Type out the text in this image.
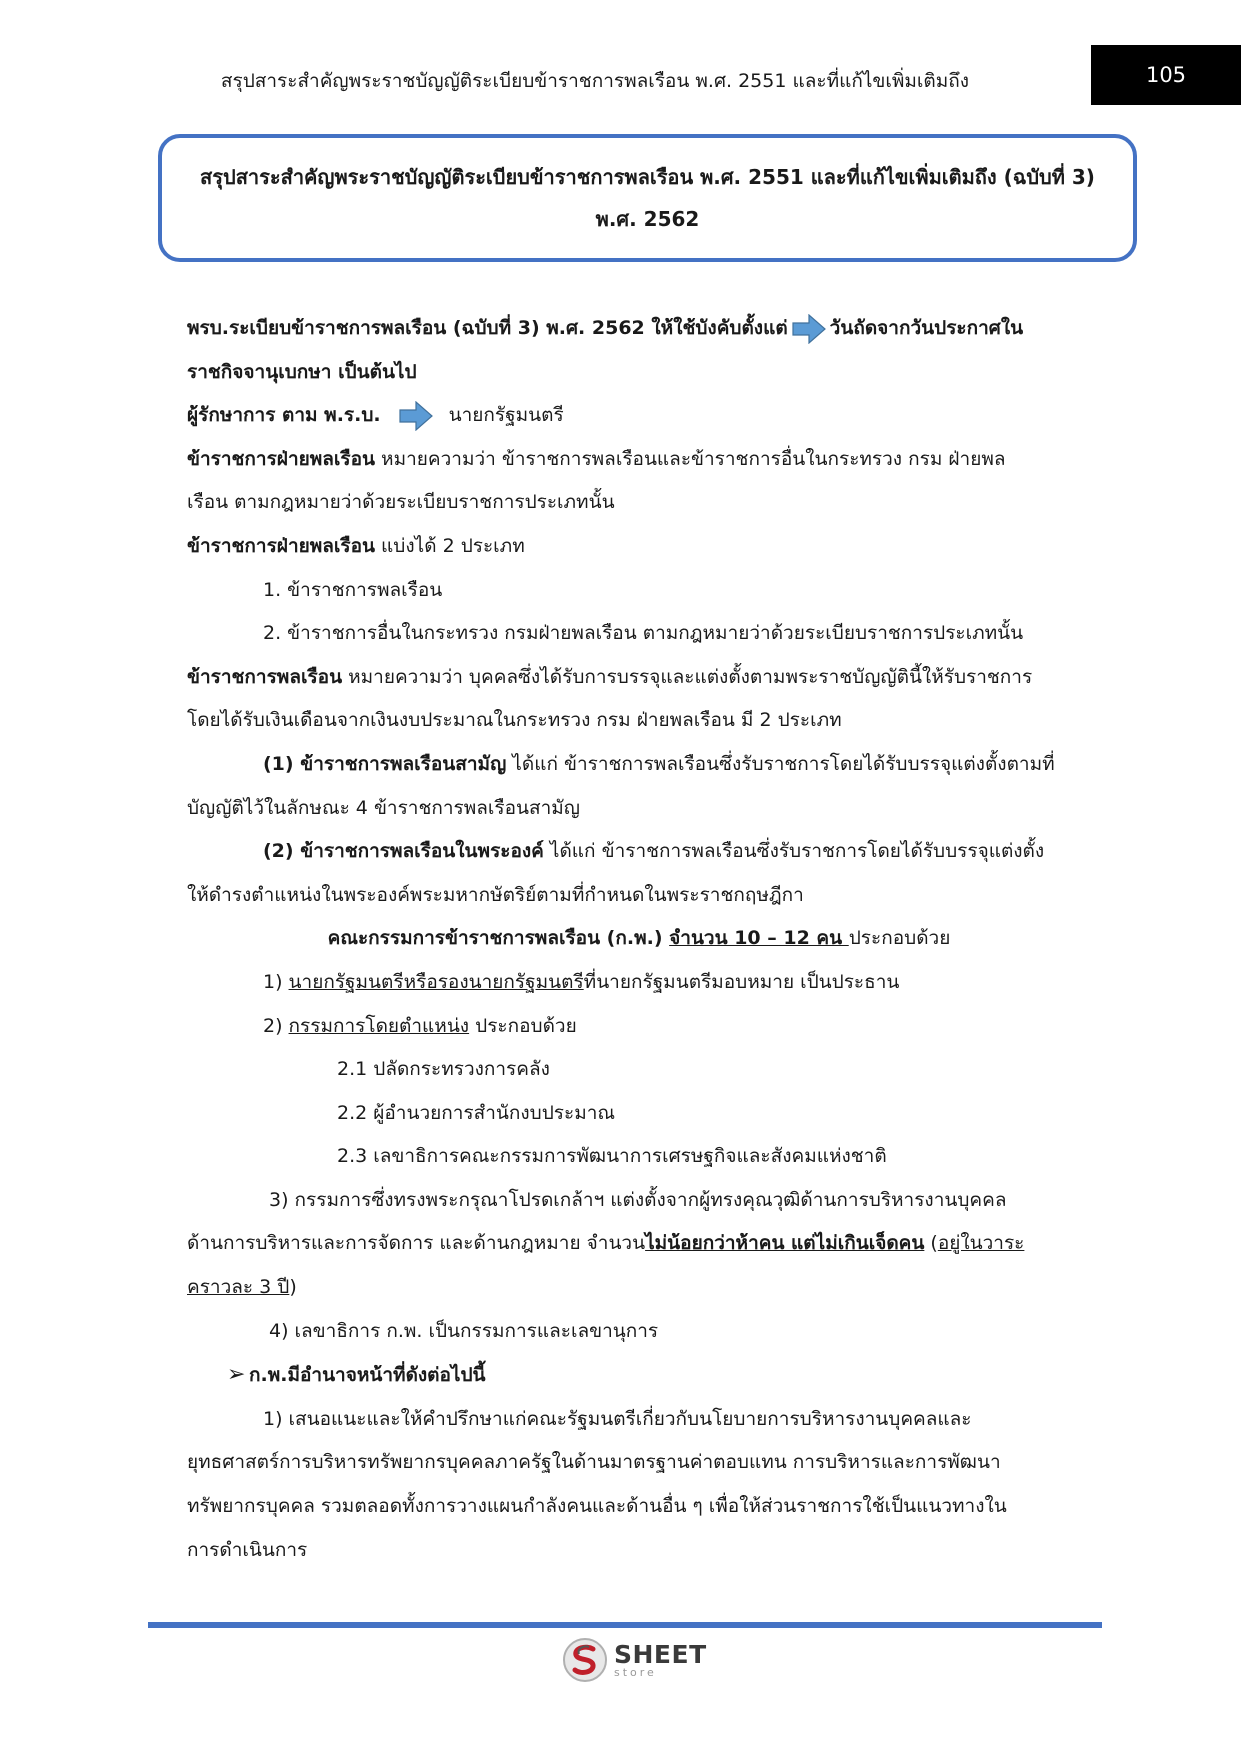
สรุปสาระสำคัญพระราชบัญญัติระเบียบข้าราชการพลเรือน พ.ศ. 2551 และที่แก้ไขเพิ่มเติมถึง	105
สรุปสาระสำคัญพระราชบัญญัติระเบียบข้าราชการพลเรือน พ.ศ. 2551 และที่แก้ไขเพิ่มเติมถึง (ฉบับที่ 3)
พ.ศ. 2562

พรบ.ระเบียบข้าราชการพลเรือน (ฉบับที่ 3) พ.ศ. 2562 ให้ใช้บังคับตั้งแต่ วันถัดจากวันประกาศใน

ราชกิจจานุเบกษา เป็นต้นไป

ผู้รักษาการ ตาม พ.ร.บ.	นายกรัฐมนตรี

ข้าราชการฝ่ายพลเรือน หมายความว่า ข้าราชการพลเรือนและข้าราชการอื่นในกระทรวง กรม ฝ่ายพล

เรือน ตามกฎหมายว่าด้วยระเบียบราชการประเภทนั้น

ข้าราชการฝ่ายพลเรือน แบ่งได้ 2 ประเภท

1. ข้าราชการพลเรือน

2. ข้าราชการอื่นในกระทรวง กรมฝ่ายพลเรือน ตามกฎหมายว่าด้วยระเบียบราชการประเภทนั้น

ข้าราชการพลเรือน หมายความว่า บุคคลซึ่งได้รับการบรรจุและแต่งตั้งตามพระราชบัญญัตินี้ให้รับราชการ

โดยได้รับเงินเดือนจากเงินงบประมาณในกระทรวง กรม ฝ่ายพลเรือน มี 2 ประเภท

(1) ข้าราชการพลเรือนสามัญ ได้แก่ ข้าราชการพลเรือนซึ่งรับราชการโดยได้รับบรรจุแต่งตั้งตามที่

บัญญัติไว้ในลักษณะ 4 ข้าราชการพลเรือนสามัญ

(2) ข้าราชการพลเรือนในพระองค์ ได้แก่ ข้าราชการพลเรือนซึ่งรับราชการโดยได้รับบรรจุแต่งตั้ง

ให้ดำรงตำแหน่งในพระองค์พระมหากษัตริย์ตามที่กำหนดในพระราชกฤษฎีกา

คณะกรรมการข้าราชการพลเรือน (ก.พ.) จำนวน 10 – 12 คน ประกอบด้วย

1) นายกรัฐมนตรีหรือรองนายกรัฐมนตรีที่นายกรัฐมนตรีมอบหมาย เป็นประธาน

2) กรรมการโดยตำแหน่ง ประกอบด้วย

2.1 ปลัดกระทรวงการคลัง

2.2 ผู้อำนวยการสำนักงบประมาณ

2.3 เลขาธิการคณะกรรมการพัฒนาการเศรษฐกิจและสังคมแห่งชาติ

3) กรรมการซึ่งทรงพระกรุณาโปรดเกล้าฯ แต่งตั้งจากผู้ทรงคุณวุฒิด้านการบริหารงานบุคคล

ด้านการบริหารและการจัดการ และด้านกฎหมาย จำนวนไม่น้อยกว่าห้าคน แต่ไม่เกินเจ็ดคน (อยู่ในวาระ

คราวละ 3 ปี)

4) เลขาธิการ ก.พ. เป็นกรรมการและเลขานุการ

➢ ก.พ.มีอำนาจหน้าที่ดังต่อไปนี้

1) เสนอแนะและให้คำปรึกษาแก่คณะรัฐมนตรีเกี่ยวกับนโยบายการบริหารงานบุคคลและ

ยุทธศาสตร์การบริหารทรัพยากรบุคคลภาครัฐในด้านมาตรฐานค่าตอบแทน การบริหารและการพัฒนา

ทรัพยากรบุคคล รวมตลอดทั้งการวางแผนกำลังคนและด้านอื่น ๆ เพื่อให้ส่วนราชการใช้เป็นแนวทางใน

การดำเนินการ

SHEET
store
